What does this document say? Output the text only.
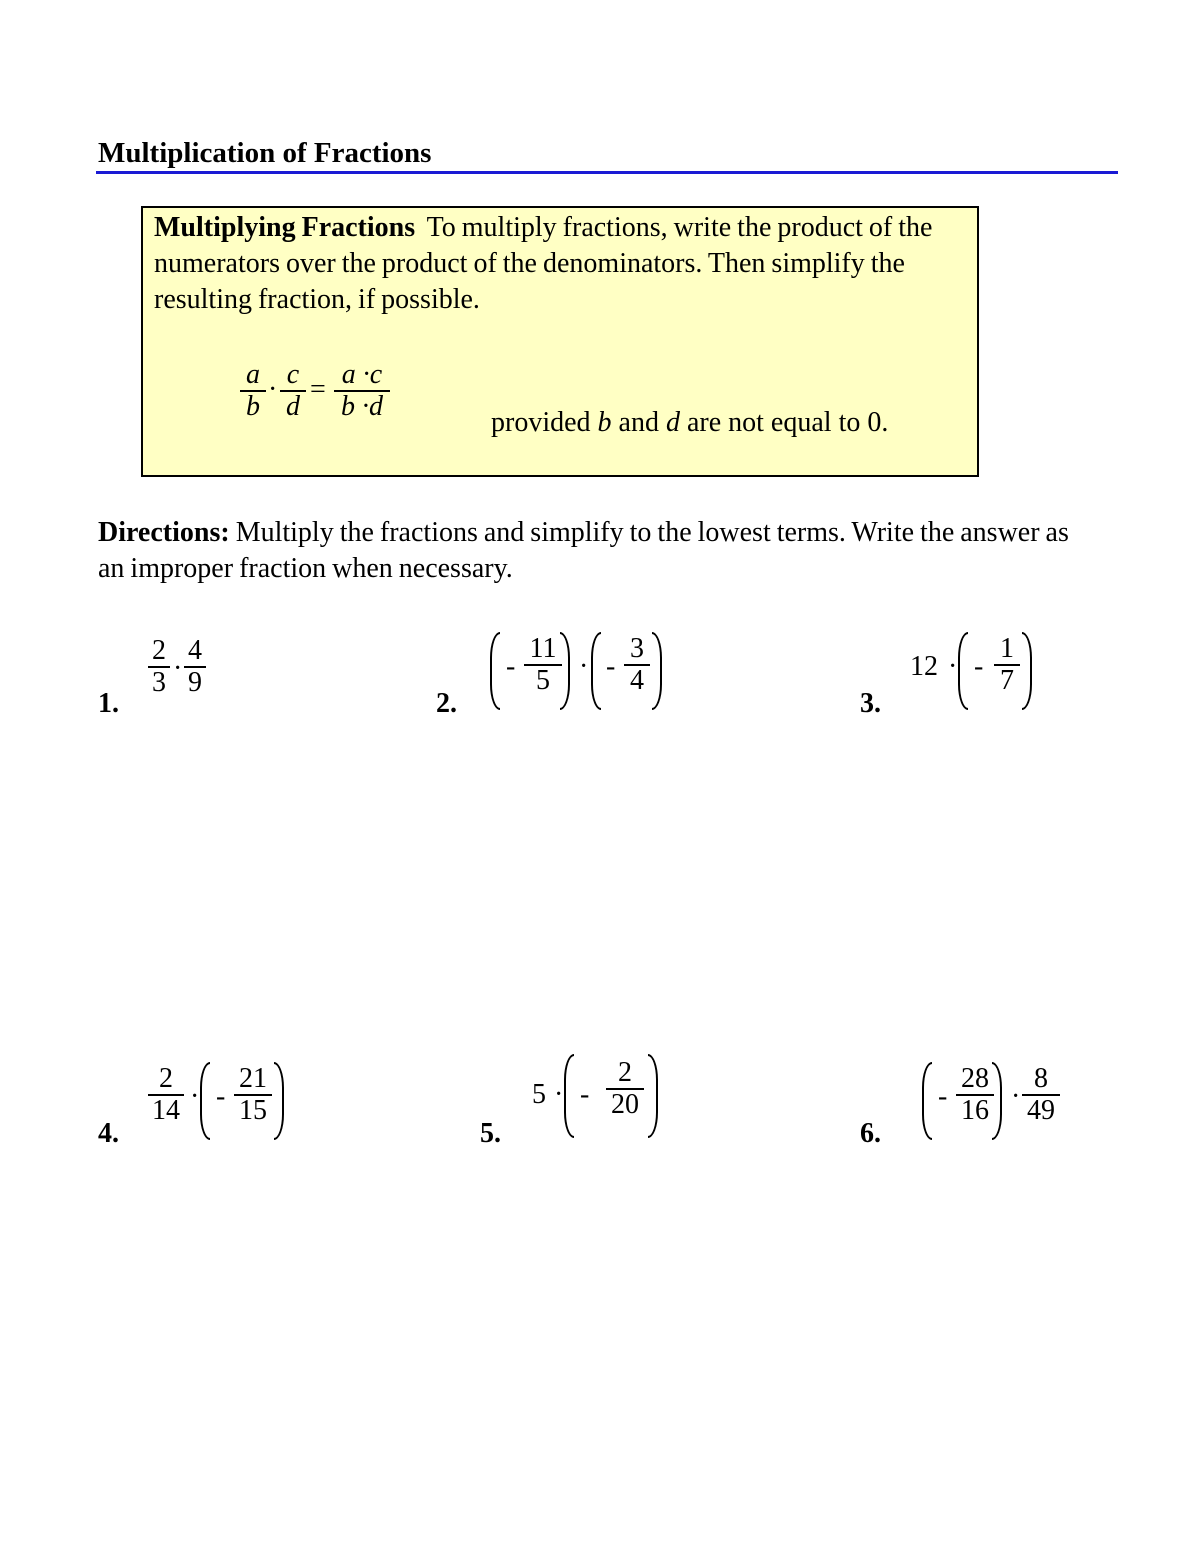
Multiplication of Fractions
Multiplying Fractions To multiply fractions, write the product of the numerators over the product of the denominators. Then simplify the resulting fraction, if possible.
$\frac{a}{b} \cdot \frac{c}{d} = \frac{a \cdot c}{b \cdot d}$
provided b and d are not equal to 0.
Directions: Multiply the fractions and simplify to the lowest terms. Write the answer as an improper fraction when necessary.
1.
$\frac{2}{3} \cdot \frac{4}{9}$
2.
- $\frac{11}{5}$ · - $\frac{3}{4}$
3.
12 · - $\frac{1}{7}$
4.
$\frac{2}{14}$ · - $\frac{21}{15}$
5.
5 · - $\frac{2}{20}$
6.
- $\frac{28}{16} \cdot \frac{8}{49}$
